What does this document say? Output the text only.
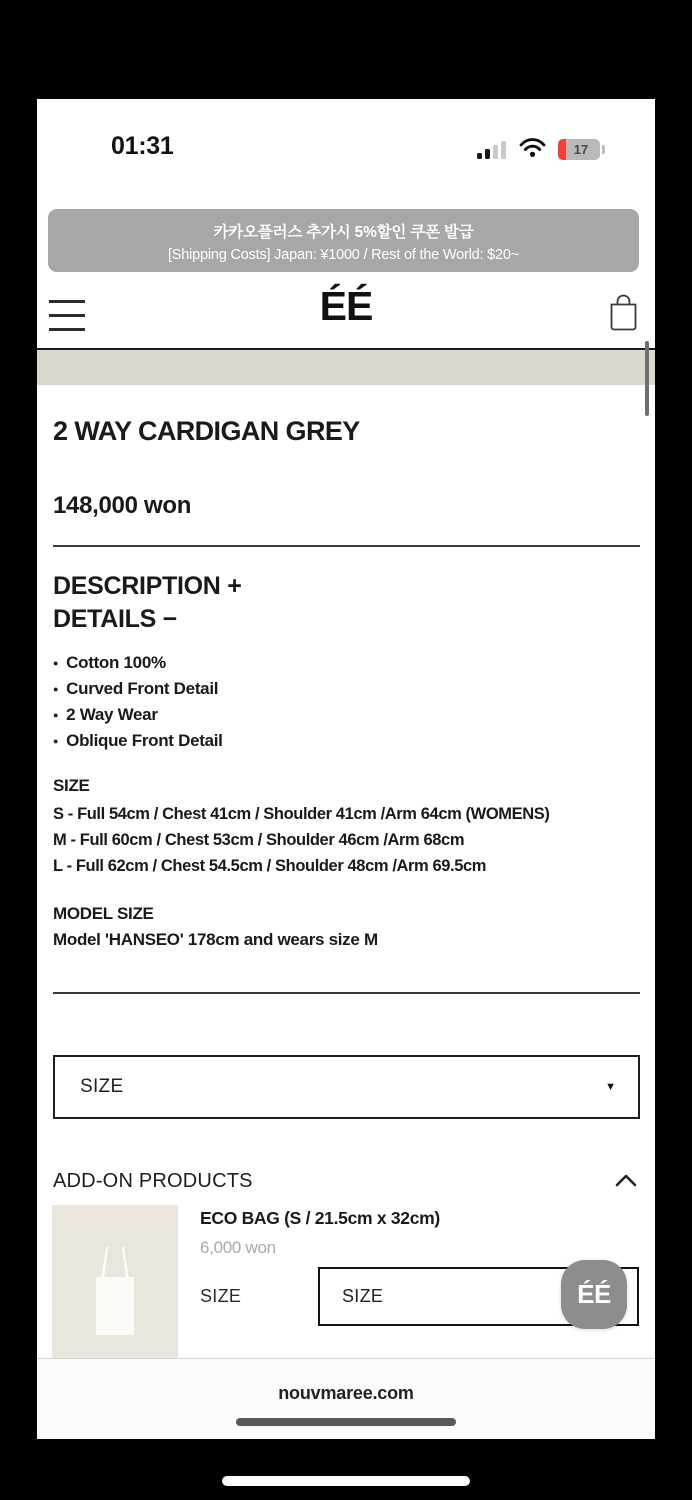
01:31	17
카카오플러스 추가시 5%할인 쿠폰 발급
[Shipping Costs] Japan: ¥1000 / Rest of the World: $20~
ÉÉ
2 WAY CARDIGAN GREY
148,000 won
DESCRIPTION +
DETAILS −
● Cotton 100%
● Curved Front Detail
● 2 Way Wear
● Oblique Front Detail
SIZE
S - Full 54cm / Chest 41cm / Shoulder 41cm /Arm 64cm (WOMENS)
M - Full 60cm / Chest 53cm / Shoulder 46cm /Arm 68cm
L - Full 62cm / Chest 54.5cm / Shoulder 48cm /Arm 69.5cm
MODEL SIZE
Model 'HANSEO' 178cm and wears size M
SIZE	▼
ADD-ON PRODUCTS
ECO BAG (S / 21.5cm x 32cm)
6,000 won
SIZE	SIZE	ÉÉ
nouvmaree.com
